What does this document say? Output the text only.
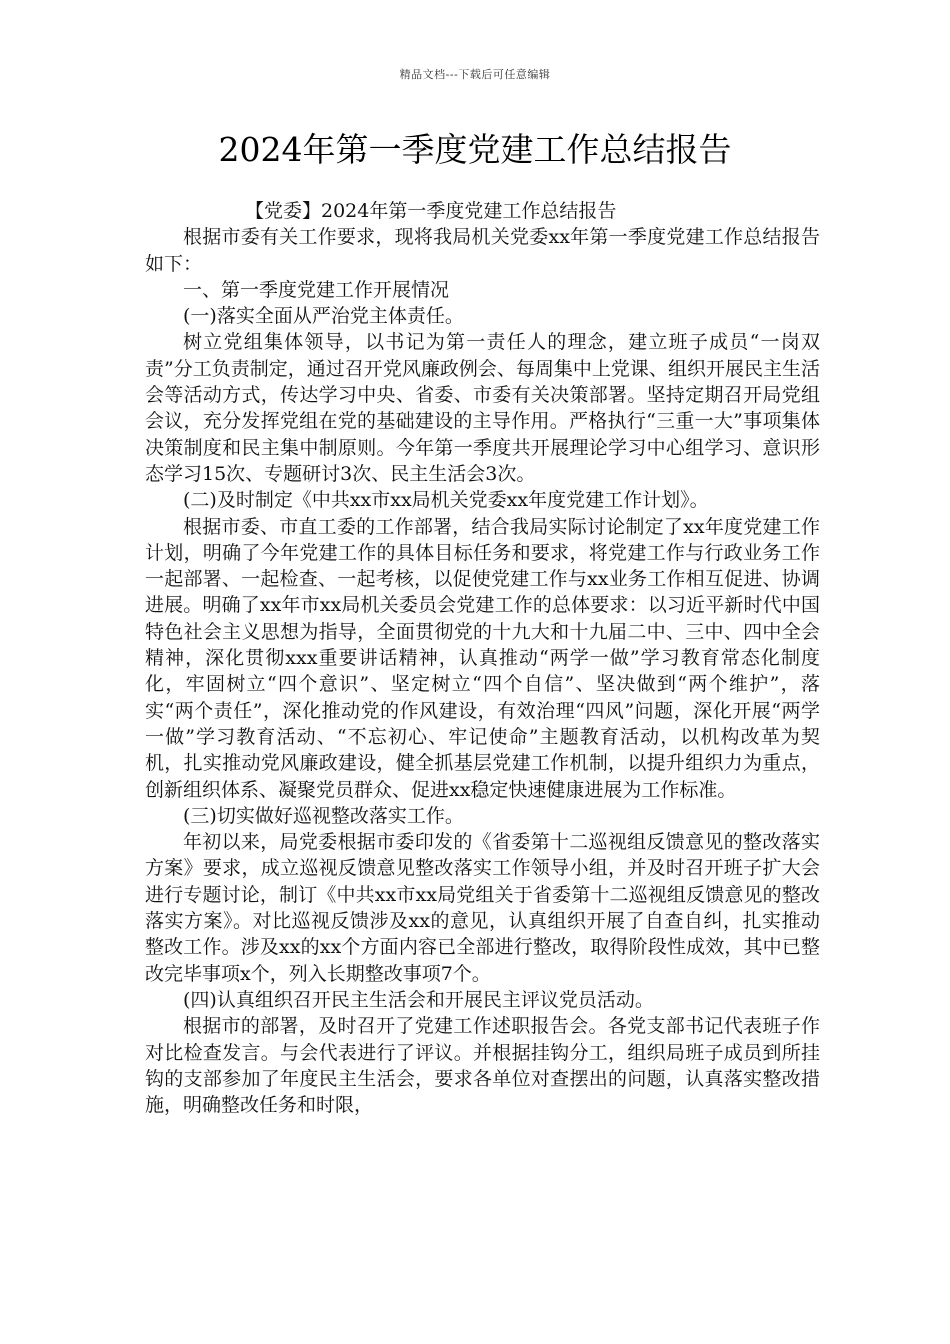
精品文档---下载后可任意编辑
2024年第一季度党建工作总结报告

【党委】2024年第一季度党建工作总结报告

根据市委有关工作要求，现将我局机关党委xx年第一季度党建工作总结报告如下：

一、第一季度党建工作开展情况

(一)落实全面从严治党主体责任。

树立党组集体领导，以书记为第一责任人的理念，建立班子成员“一岗双责”分工负责制定，通过召开党风廉政例会、每周集中上党课、组织开展民主生活会等活动方式，传达学习中央、省委、市委有关决策部署。坚持定期召开局党组会议，充分发挥党组在党的基础建设的主导作用。严格执行“三重一大”事项集体决策制度和民主集中制原则。今年第一季度共开展理论学习中心组学习、意识形态学习15次、专题研讨3次、民主生活会3次。

(二)及时制定《中共xx市xx局机关党委xx年度党建工作计划》。

根据市委、市直工委的工作部署，结合我局实际讨论制定了xx年度党建工作计划，明确了今年党建工作的具体目标任务和要求，将党建工作与行政业务工作一起部署、一起检查、一起考核，以促使党建工作与xx业务工作相互促进、协调进展。明确了xx年市xx局机关委员会党建工作的总体要求：以习近平新时代中国特色社会主义思想为指导，全面贯彻党的十九大和十九届二中、三中、四中全会精神，深化贯彻xxx重要讲话精神，认真推动“两学一做”学习教育常态化制度化，牢固树立“四个意识”、坚定树立“四个自信”、坚决做到“两个维护”，落实“两个责任”，深化推动党的作风建设，有效治理“四风”问题，深化开展“两学一做”学习教育活动、“不忘初心、牢记使命”主题教育活动，以机构改革为契机，扎实推动党风廉政建设，健全抓基层党建工作机制，以提升组织力为重点，创新组织体系、凝聚党员群众、促进xx稳定快速健康进展为工作标准。

(三)切实做好巡视整改落实工作。

年初以来，局党委根据市委印发的《省委第十二巡视组反馈意见的整改落实方案》要求，成立巡视反馈意见整改落实工作领导小组，并及时召开班子扩大会进行专题讨论，制订《中共xx市xx局党组关于省委第十二巡视组反馈意见的整改落实方案》。对比巡视反馈涉及xx的意见，认真组织开展了自查自纠，扎实推动整改工作。涉及xx的xx个方面内容已全部进行整改，取得阶段性成效，其中已整改完毕事项x个，列入长期整改事项7个。

(四)认真组织召开民主生活会和开展民主评议党员活动。

根据市的部署，及时召开了党建工作述职报告会。各党支部书记代表班子作对比检查发言。与会代表进行了评议。并根据挂钩分工，组织局班子成员到所挂钩的支部参加了年度民主生活会，要求各单位对查摆出的问题，认真落实整改措施，明确整改任务和时限，
